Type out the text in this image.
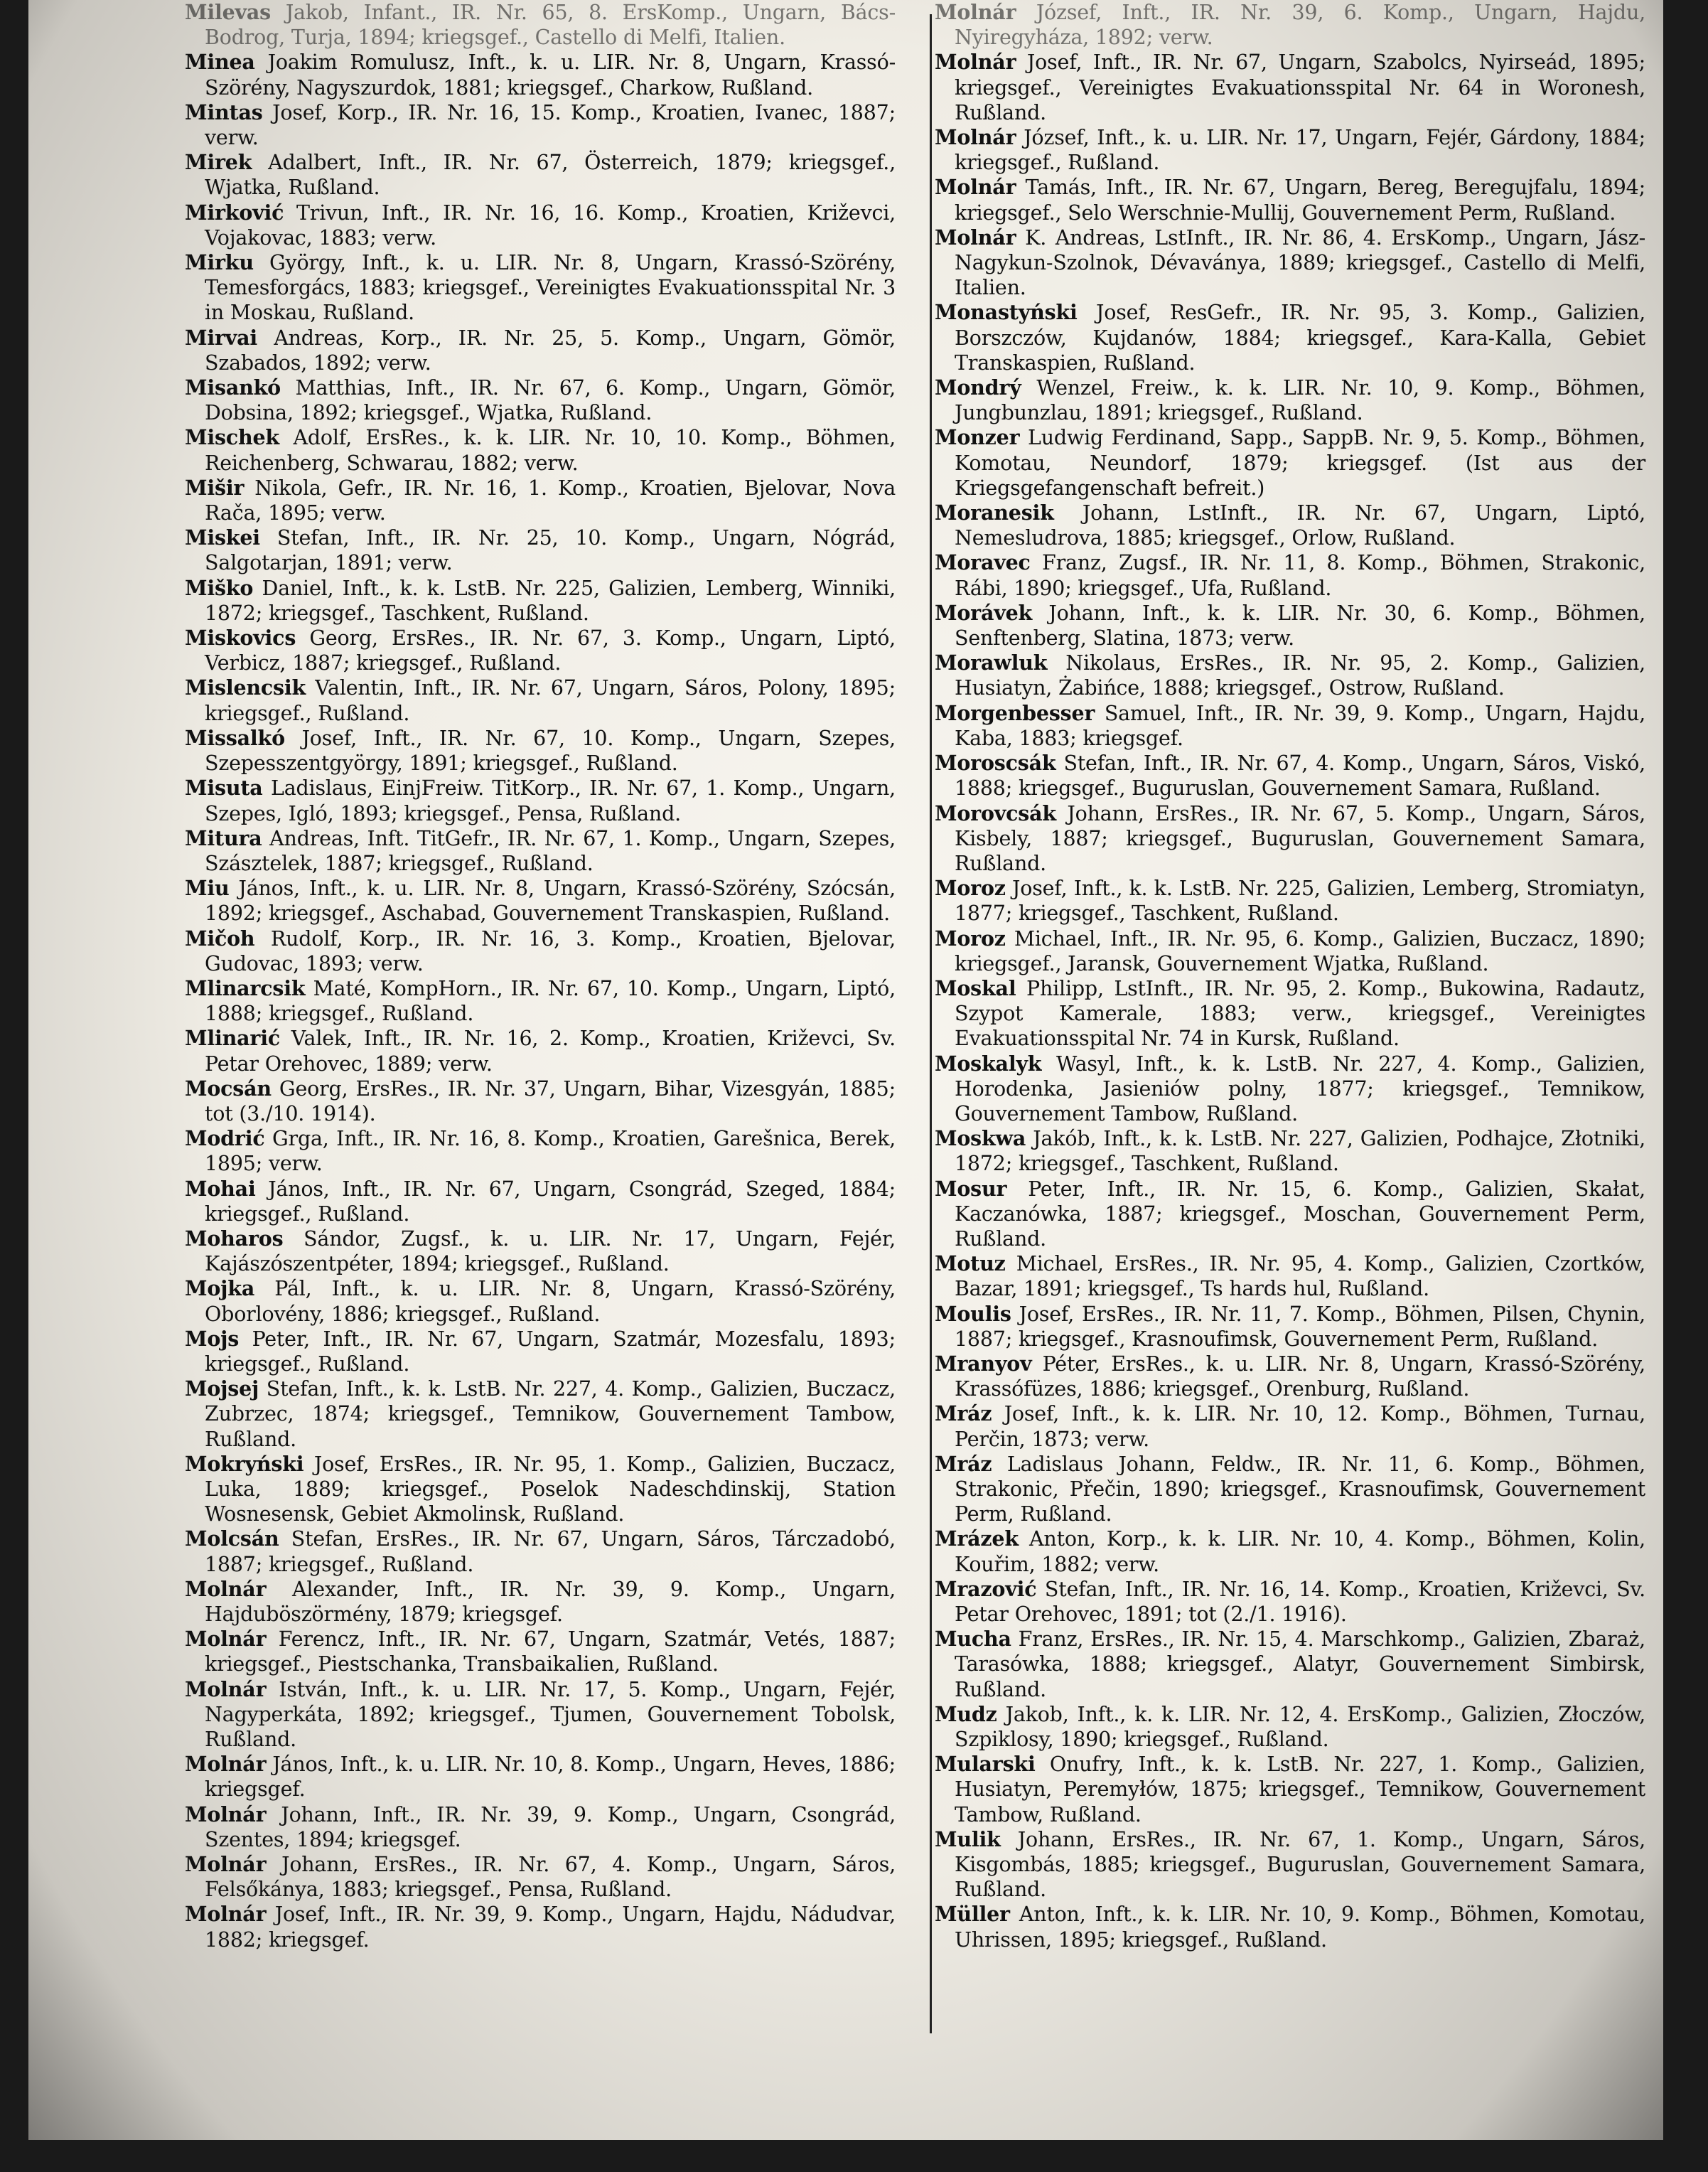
Milevas Jakob, Infant., IR. Nr. 65, 8. ErsKomp., Ungarn, Bács-Bodrog, Turja, 1894; kriegsgef., Castello di Melfi, Italien.

Minea Joakim Romulusz, Inft., k. u. LIR. Nr. 8, Ungarn, Krassó-Szörény, Nagyszurdok, 1881; kriegsgef., Charkow, Rußland.

Mintas Josef, Korp., IR. Nr. 16, 15. Komp., Kroatien, Ivanec, 1887; verw.

Mirek Adalbert, Inft., IR. Nr. 67, Österreich, 1879; kriegsgef., Wjatka, Rußland.

Mirković Trivun, Inft., IR. Nr. 16, 16. Komp., Kroatien, Križevci, Vojakovac, 1883; verw.

Mirku György, Inft., k. u. LIR. Nr. 8, Ungarn, Krassó-Szörény, Temesforgács, 1883; kriegsgef., Vereinigtes Evakuationsspital Nr. 3 in Moskau, Rußland.

Mirvai Andreas, Korp., IR. Nr. 25, 5. Komp., Ungarn, Gömör, Szabados, 1892; verw.

Misankó Matthias, Inft., IR. Nr. 67, 6. Komp., Ungarn, Gömör, Dobsina, 1892; kriegsgef., Wjatka, Rußland.

Mischek Adolf, ErsRes., k. k. LIR. Nr. 10, 10. Komp., Böhmen, Reichenberg, Schwarau, 1882; verw.

Mišir Nikola, Gefr., IR. Nr. 16, 1. Komp., Kroatien, Bjelovar, Nova Rača, 1895; verw.

Miskei Stefan, Inft., IR. Nr. 25, 10. Komp., Ungarn, Nógrád, Salgotarjan, 1891; verw.

Miško Daniel, Inft., k. k. LstB. Nr. 225, Galizien, Lemberg, Winniki, 1872; kriegsgef., Taschkent, Rußland.

Miskovics Georg, ErsRes., IR. Nr. 67, 3. Komp., Ungarn, Liptó, Verbicz, 1887; kriegsgef., Rußland.

Mislencsik Valentin, Inft., IR. Nr. 67, Ungarn, Sáros, Polony, 1895; kriegsgef., Rußland.

Missalkó Josef, Inft., IR. Nr. 67, 10. Komp., Ungarn, Szepes, Szepesszentgyörgy, 1891; kriegsgef., Rußland.

Misuta Ladislaus, EinjFreiw. TitKorp., IR. Nr. 67, 1. Komp., Ungarn, Szepes, Igló, 1893; kriegsgef., Pensa, Rußland.

Mitura Andreas, Inft. TitGefr., IR. Nr. 67, 1. Komp., Ungarn, Szepes, Szásztelek, 1887; kriegsgef., Rußland.

Miu János, Inft., k. u. LIR. Nr. 8, Ungarn, Krassó-Szörény, Szócsán, 1892; kriegsgef., Aschabad, Gouvernement Transkaspien, Rußland.

Mičoh Rudolf, Korp., IR. Nr. 16, 3. Komp., Kroatien, Bjelovar, Gudovac, 1893; verw.

Mlinarcsik Maté, KompHorn., IR. Nr. 67, 10. Komp., Ungarn, Liptó, 1888; kriegsgef., Rußland.

Mlinarić Valek, Inft., IR. Nr. 16, 2. Komp., Kroatien, Križevci, Sv. Petar Orehovec, 1889; verw.

Mocsán Georg, ErsRes., IR. Nr. 37, Ungarn, Bihar, Vizesgyán, 1885; tot (3./10. 1914).

Modrić Grga, Inft., IR. Nr. 16, 8. Komp., Kroatien, Garešnica, Berek, 1895; verw.

Mohai János, Inft., IR. Nr. 67, Ungarn, Csongrád, Szeged, 1884; kriegsgef., Rußland.

Moharos Sándor, Zugsf., k. u. LIR. Nr. 17, Ungarn, Fejér, Kajászószentpéter, 1894; kriegsgef., Rußland.

Mojka Pál, Inft., k. u. LIR. Nr. 8, Ungarn, Krassó-Szörény, Oborlovény, 1886; kriegsgef., Rußland.

Mojs Peter, Inft., IR. Nr. 67, Ungarn, Szatmár, Mozesfalu, 1893; kriegsgef., Rußland.

Mojsej Stefan, Inft., k. k. LstB. Nr. 227, 4. Komp., Galizien, Buczacz, Zubrzec, 1874; kriegsgef., Temnikow, Gouvernement Tambow, Rußland.

Mokryński Josef, ErsRes., IR. Nr. 95, 1. Komp., Galizien, Buczacz, Luka, 1889; kriegsgef., Poselok Nadeschdinskij, Station Wosnesensk, Gebiet Akmolinsk, Rußland.

Molcsán Stefan, ErsRes., IR. Nr. 67, Ungarn, Sáros, Tárczadobó, 1887; kriegsgef., Rußland.

Molnár Alexander, Inft., IR. Nr. 39, 9. Komp., Ungarn, Hajduböszörmény, 1879; kriegsgef.

Molnár Ferencz, Inft., IR. Nr. 67, Ungarn, Szatmár, Vetés, 1887; kriegsgef., Piestschanka, Transbaikalien, Rußland.

Molnár István, Inft., k. u. LIR. Nr. 17, 5. Komp., Ungarn, Fejér, Nagyperkáta, 1892; kriegsgef., Tjumen, Gouvernement Tobolsk, Rußland.

Molnár János, Inft., k. u. LIR. Nr. 10, 8. Komp., Ungarn, Heves, 1886; kriegsgef.

Molnár Johann, Inft., IR. Nr. 39, 9. Komp., Ungarn, Csongrád, Szentes, 1894; kriegsgef.

Molnár Johann, ErsRes., IR. Nr. 67, 4. Komp., Ungarn, Sáros, Felsőkánya, 1883; kriegsgef., Pensa, Rußland.

Molnár Josef, Inft., IR. Nr. 39, 9. Komp., Ungarn, Hajdu, Nádudvar, 1882; kriegsgef.

Molnár József, Inft., IR. Nr. 39, 6. Komp., Ungarn, Hajdu, Nyiregyháza, 1892; verw.

Molnár Josef, Inft., IR. Nr. 67, Ungarn, Szabolcs, Nyirseád, 1895; kriegsgef., Vereinigtes Evakuationsspital Nr. 64 in Woronesh, Rußland.

Molnár József, Inft., k. u. LIR. Nr. 17, Ungarn, Fejér, Gárdony, 1884; kriegsgef., Rußland.

Molnár Tamás, Inft., IR. Nr. 67, Ungarn, Bereg, Beregujfalu, 1894; kriegsgef., Selo Werschnie-Mullij, Gouvernement Perm, Rußland.

Molnár K. Andreas, LstInft., IR. Nr. 86, 4. ErsKomp., Ungarn, Jász-Nagykun-Szolnok, Dévaványa, 1889; kriegsgef., Castello di Melfi, Italien.

Monastyński Josef, ResGefr., IR. Nr. 95, 3. Komp., Galizien, Borszczów, Kujdanów, 1884; kriegsgef., Kara-Kalla, Gebiet Transkaspien, Rußland.

Mondrý Wenzel, Freiw., k. k. LIR. Nr. 10, 9. Komp., Böhmen, Jungbunzlau, 1891; kriegsgef., Rußland.

Monzer Ludwig Ferdinand, Sapp., SappB. Nr. 9, 5. Komp., Böhmen, Komotau, Neundorf, 1879; kriegsgef. (Ist aus der Kriegsgefangenschaft befreit.)

Moranesik Johann, LstInft., IR. Nr. 67, Ungarn, Liptó, Nemesludrova, 1885; kriegsgef., Orlow, Rußland.

Moravec Franz, Zugsf., IR. Nr. 11, 8. Komp., Böhmen, Strakonic, Rábi, 1890; kriegsgef., Ufa, Rußland.

Morávek Johann, Inft., k. k. LIR. Nr. 30, 6. Komp., Böhmen, Senftenberg, Slatina, 1873; verw.

Morawluk Nikolaus, ErsRes., IR. Nr. 95, 2. Komp., Galizien, Husiatyn, Żabińce, 1888; kriegsgef., Ostrow, Rußland.

Morgenbesser Samuel, Inft., IR. Nr. 39, 9. Komp., Ungarn, Hajdu, Kaba, 1883; kriegsgef.

Moroscsák Stefan, Inft., IR. Nr. 67, 4. Komp., Ungarn, Sáros, Viskó, 1888; kriegsgef., Buguruslan, Gouvernement Samara, Rußland.

Morovcsák Johann, ErsRes., IR. Nr. 67, 5. Komp., Ungarn, Sáros, Kisbely, 1887; kriegsgef., Buguruslan, Gouvernement Samara, Rußland.

Moroz Josef, Inft., k. k. LstB. Nr. 225, Galizien, Lemberg, Stromiatyn, 1877; kriegsgef., Taschkent, Rußland.

Moroz Michael, Inft., IR. Nr. 95, 6. Komp., Galizien, Buczacz, 1890; kriegsgef., Jaransk, Gouvernement Wjatka, Rußland.

Moskal Philipp, LstInft., IR. Nr. 95, 2. Komp., Bukowina, Radautz, Szypot Kamerale, 1883; verw., kriegsgef., Vereinigtes Evakuationsspital Nr. 74 in Kursk, Rußland.

Moskalyk Wasyl, Inft., k. k. LstB. Nr. 227, 4. Komp., Galizien, Horodenka, Jasieniów polny, 1877; kriegsgef., Temnikow, Gouvernement Tambow, Rußland.

Moskwa Jakób, Inft., k. k. LstB. Nr. 227, Galizien, Podhajce, Złotniki, 1872; kriegsgef., Taschkent, Rußland.

Mosur Peter, Inft., IR. Nr. 15, 6. Komp., Galizien, Skałat, Kaczanówka, 1887; kriegsgef., Moschan, Gouvernement Perm, Rußland.

Motuz Michael, ErsRes., IR. Nr. 95, 4. Komp., Galizien, Czortków, Bazar, 1891; kriegsgef., Ts hards hul, Rußland.

Moulis Josef, ErsRes., IR. Nr. 11, 7. Komp., Böhmen, Pilsen, Chynin, 1887; kriegsgef., Krasnoufimsk, Gouvernement Perm, Rußland.

Mranyov Péter, ErsRes., k. u. LIR. Nr. 8, Ungarn, Krassó-Szörény, Krassófüzes, 1886; kriegsgef., Orenburg, Rußland.

Mráz Josef, Inft., k. k. LIR. Nr. 10, 12. Komp., Böhmen, Turnau, Perčin, 1873; verw.

Mráz Ladislaus Johann, Feldw., IR. Nr. 11, 6. Komp., Böhmen, Strakonic, Přečin, 1890; kriegsgef., Krasnoufimsk, Gouvernement Perm, Rußland.

Mrázek Anton, Korp., k. k. LIR. Nr. 10, 4. Komp., Böhmen, Kolin, Kouřim, 1882; verw.

Mrazović Stefan, Inft., IR. Nr. 16, 14. Komp., Kroatien, Križevci, Sv. Petar Orehovec, 1891; tot (2./1. 1916).

Mucha Franz, ErsRes., IR. Nr. 15, 4. Marschkomp., Galizien, Zbaraż, Tarasówka, 1888; kriegsgef., Alatyr, Gouvernement Simbirsk, Rußland.

Mudz Jakob, Inft., k. k. LIR. Nr. 12, 4. ErsKomp., Galizien, Złoczów, Szpiklosy, 1890; kriegsgef., Rußland.

Mularski Onufry, Inft., k. k. LstB. Nr. 227, 1. Komp., Galizien, Husiatyn, Peremyłów, 1875; kriegsgef., Temnikow, Gouvernement Tambow, Rußland.

Mulik Johann, ErsRes., IR. Nr. 67, 1. Komp., Ungarn, Sáros, Kisgombás, 1885; kriegsgef., Buguruslan, Gouvernement Samara, Rußland.

Müller Anton, Inft., k. k. LIR. Nr. 10, 9. Komp., Böhmen, Komotau, Uhrissen, 1895; kriegsgef., Rußland.
